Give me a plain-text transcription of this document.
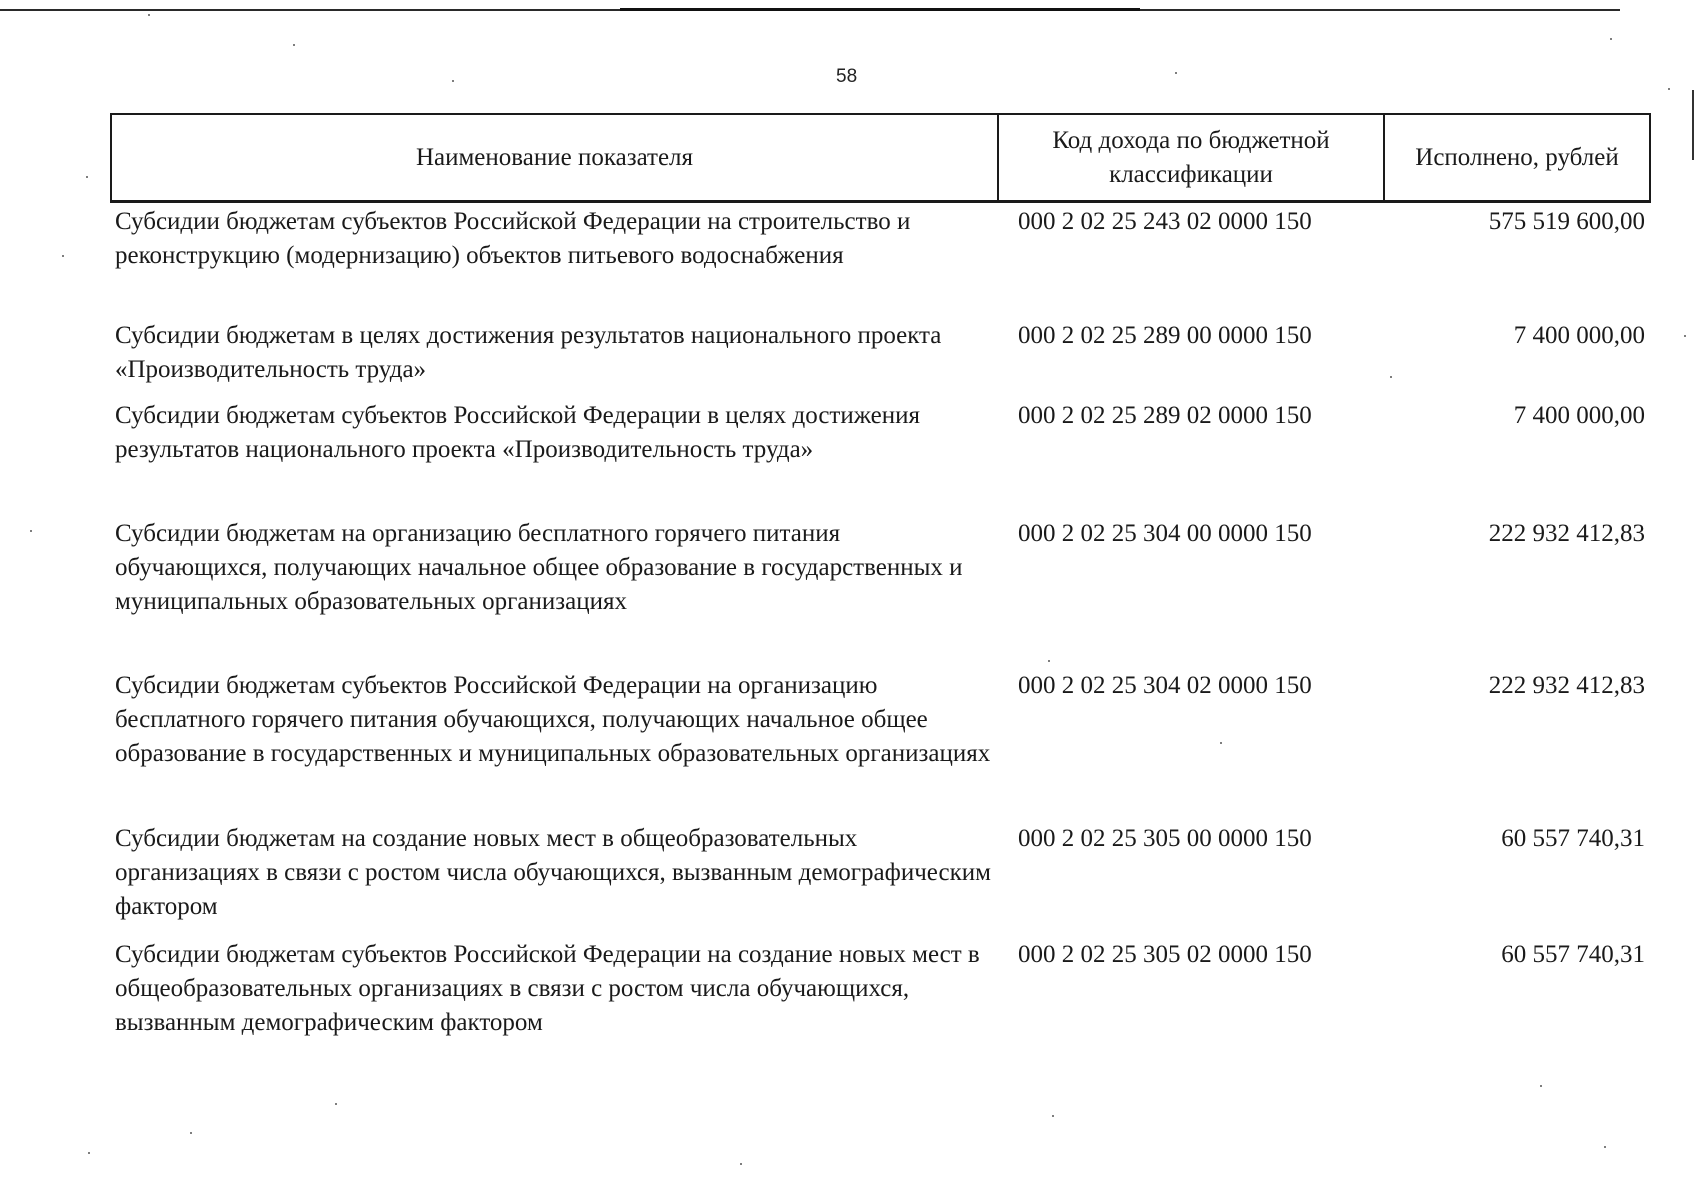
58
Наименование показателя	Код дохода по бюджетной классификации	Исполнено, рублей
Субсидии бюджетам субъектов Российской Федерации на строительство и реконструкцию (модернизацию) объектов питьевого водоснабжения	000 2 02 25 243 02 0000 150	575 519 600,00
Субсидии бюджетам в целях достижения результатов национального проекта «Производительность труда»	000 2 02 25 289 00 0000 150	7 400 000,00
Субсидии бюджетам субъектов Российской Федерации в целях достижения результатов национального проекта «Производительность труда»	000 2 02 25 289 02 0000 150	7 400 000,00
Субсидии бюджетам на организацию бесплатного горячего питания обучающихся, получающих начальное общее образование в государственных и муниципальных образовательных организациях	000 2 02 25 304 00 0000 150	222 932 412,83
Субсидии бюджетам субъектов Российской Федерации на организацию бесплатного горячего питания обучающихся, получающих начальное общее образование в государственных и муниципальных образовательных организациях	000 2 02 25 304 02 0000 150	222 932 412,83
Субсидии бюджетам на создание новых мест в общеобразовательных организациях в связи с ростом числа обучающихся, вызванным демографическим фактором	000 2 02 25 305 00 0000 150	60 557 740,31
Субсидии бюджетам субъектов Российской Федерации на создание новых мест в общеобразовательных организациях в связи с ростом числа обучающихся, вызванным демографическим фактором	000 2 02 25 305 02 0000 150	60 557 740,31
